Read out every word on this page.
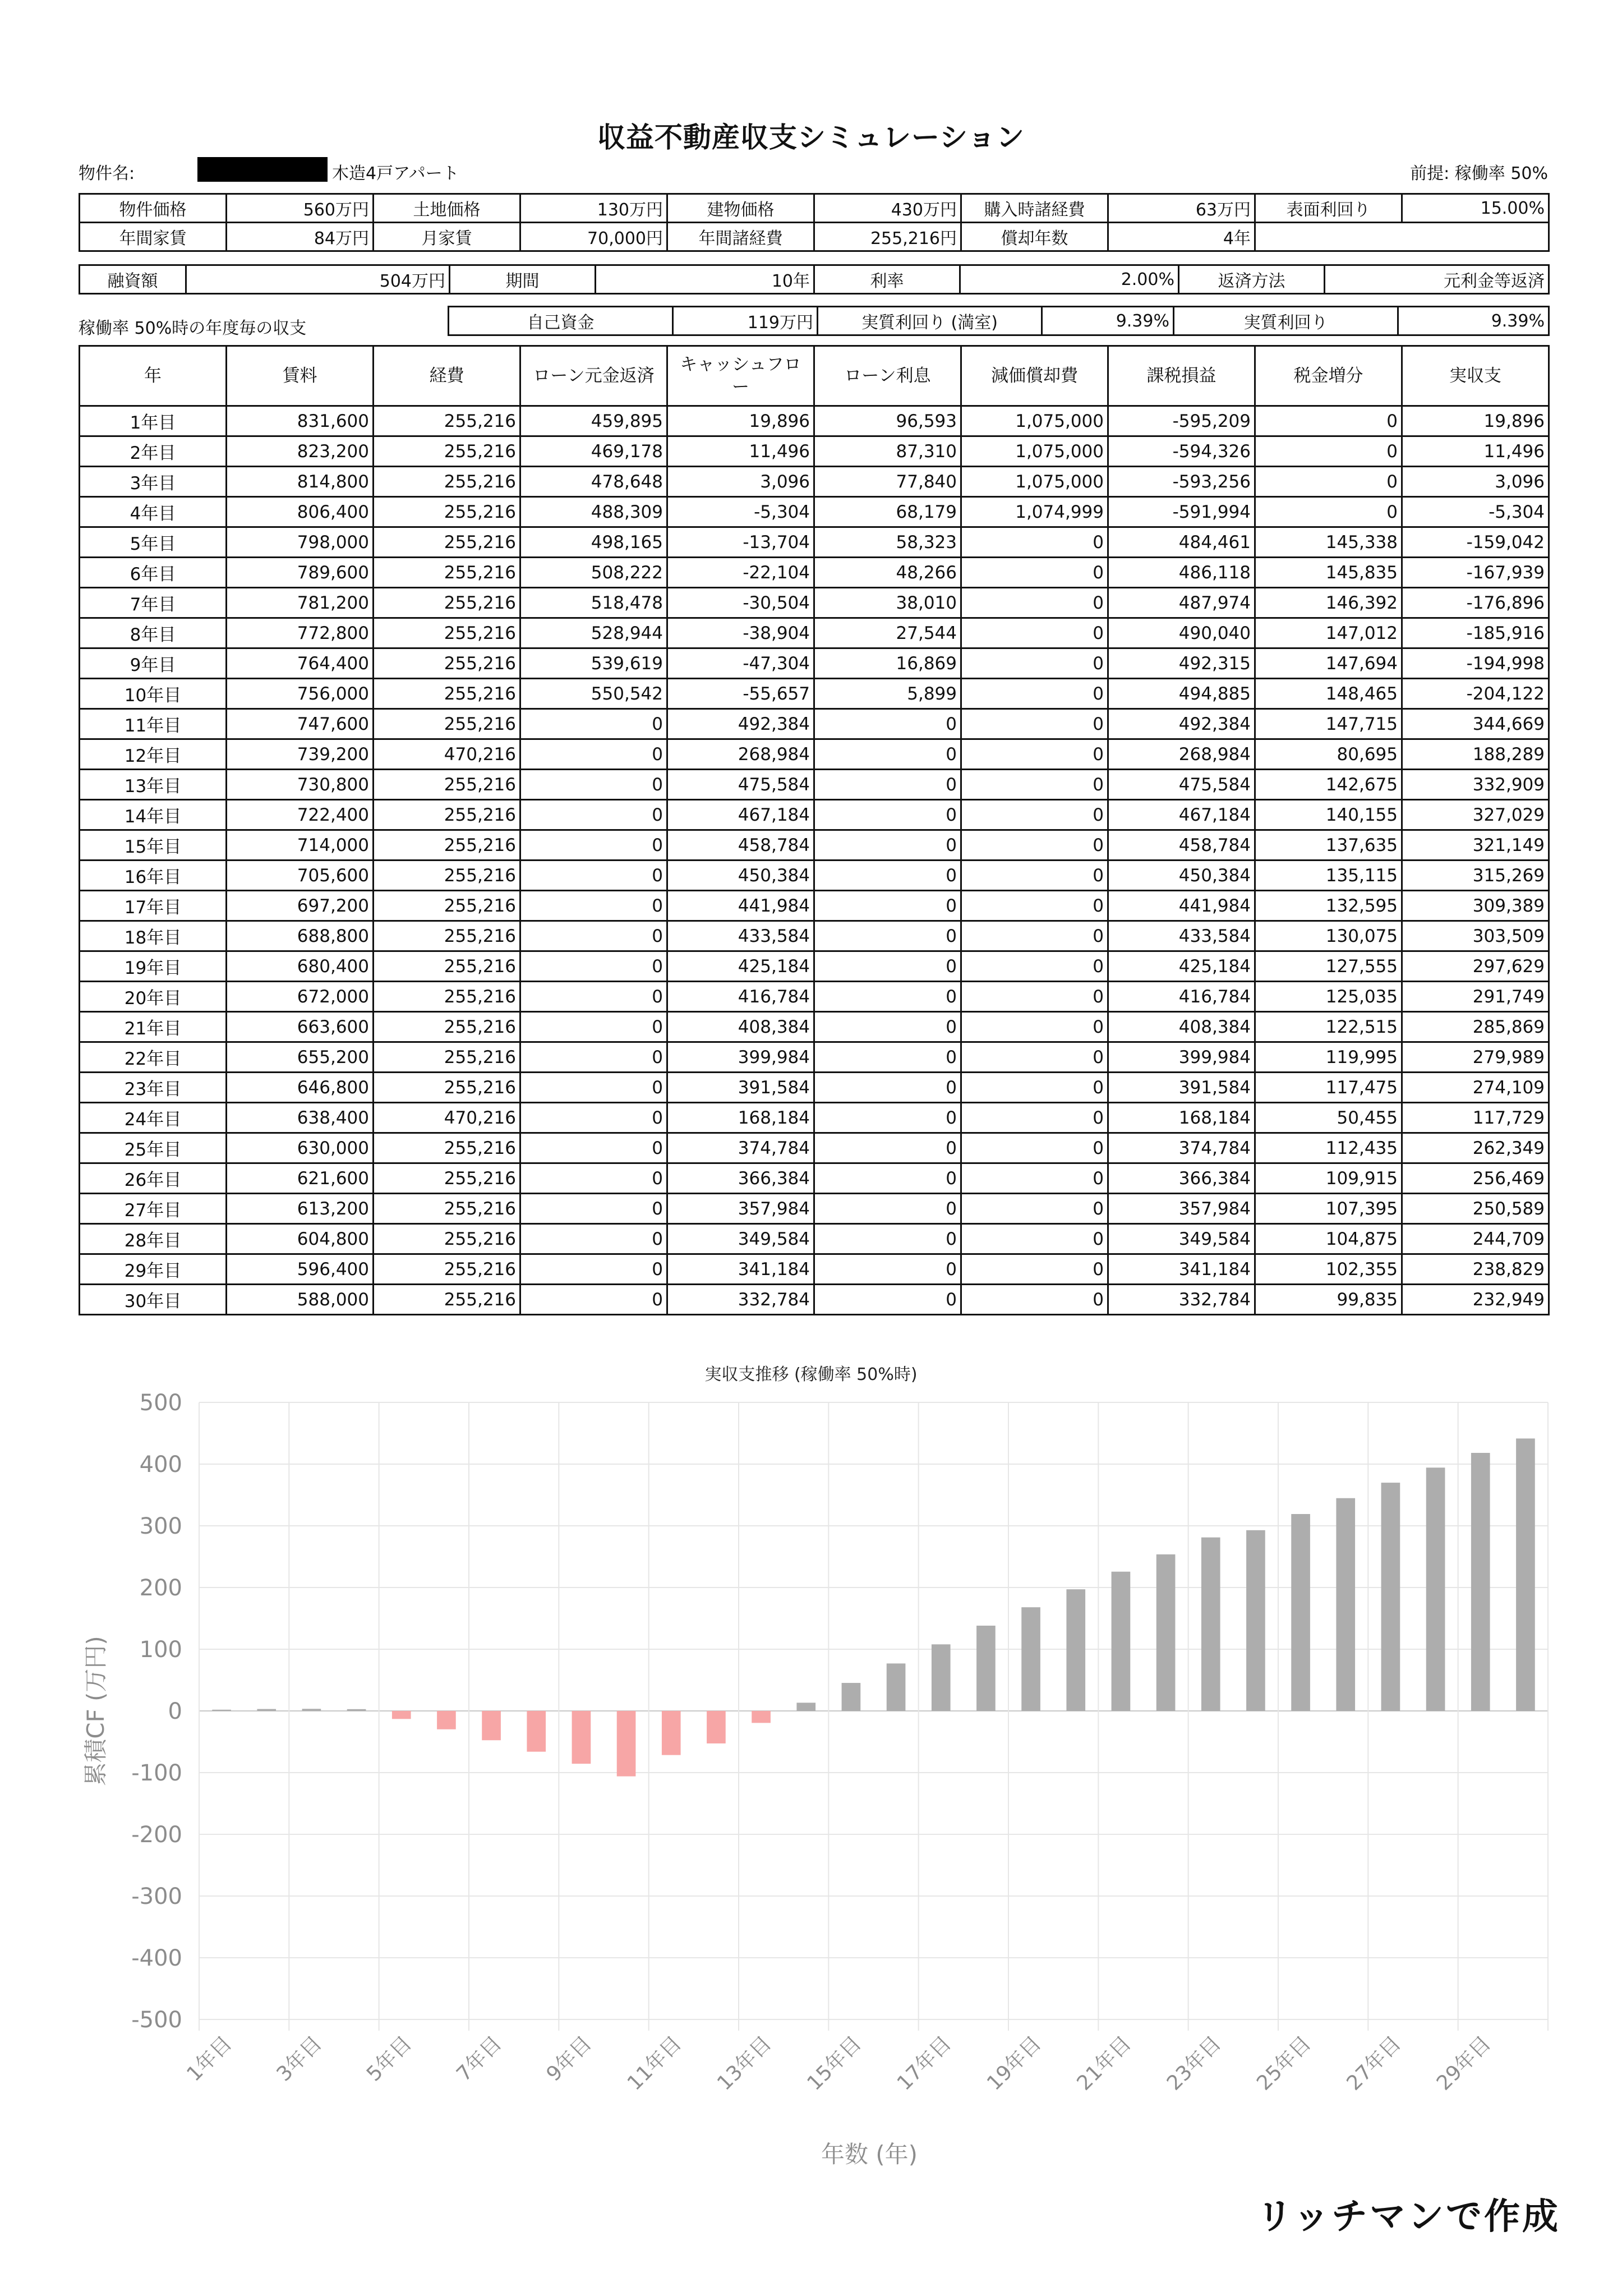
収益不動産収支シミュレーション
物件名:	木造4戸アパート	前提: 稼働率 50%
物件価格	560万円	土地価格	130万円	建物価格	430万円	購入時諸経費	63万円	表面利回り	15.00%
年間家賃	84万円	月家賃	70,000円	年間諸経費	255,216円	償却年数	4年		
融資額	504万円	期間	10年	利率	2.00%	返済方法	元利金等返済
稼働率 50%時の年度毎の収支	自己資金	119万円	実質利回り (満室)	9.39%	実質利回り	9.39%
年	賃料	経費	ローン元金返済	キャッシュフロー	ローン利息	減価償却費	課税損益	税金増分	実収支
1年目	831,600	255,216	459,895	19,896	96,593	1,075,000	-595,209	0	19,896
2年目	823,200	255,216	469,178	11,496	87,310	1,075,000	-594,326	0	11,496
3年目	814,800	255,216	478,648	3,096	77,840	1,075,000	-593,256	0	3,096
4年目	806,400	255,216	488,309	-5,304	68,179	1,074,999	-591,994	0	-5,304
5年目	798,000	255,216	498,165	-13,704	58,323	0	484,461	145,338	-159,042
6年目	789,600	255,216	508,222	-22,104	48,266	0	486,118	145,835	-167,939
7年目	781,200	255,216	518,478	-30,504	38,010	0	487,974	146,392	-176,896
8年目	772,800	255,216	528,944	-38,904	27,544	0	490,040	147,012	-185,916
9年目	764,400	255,216	539,619	-47,304	16,869	0	492,315	147,694	-194,998
10年目	756,000	255,216	550,542	-55,657	5,899	0	494,885	148,465	-204,122
11年目	747,600	255,216	0	492,384	0	0	492,384	147,715	344,669
12年目	739,200	470,216	0	268,984	0	0	268,984	80,695	188,289
13年目	730,800	255,216	0	475,584	0	0	475,584	142,675	332,909
14年目	722,400	255,216	0	467,184	0	0	467,184	140,155	327,029
15年目	714,000	255,216	0	458,784	0	0	458,784	137,635	321,149
16年目	705,600	255,216	0	450,384	0	0	450,384	135,115	315,269
17年目	697,200	255,216	0	441,984	0	0	441,984	132,595	309,389
18年目	688,800	255,216	0	433,584	0	0	433,584	130,075	303,509
19年目	680,400	255,216	0	425,184	0	0	425,184	127,555	297,629
20年目	672,000	255,216	0	416,784	0	0	416,784	125,035	291,749
21年目	663,600	255,216	0	408,384	0	0	408,384	122,515	285,869
22年目	655,200	255,216	0	399,984	0	0	399,984	119,995	279,989
23年目	646,800	255,216	0	391,584	0	0	391,584	117,475	274,109
24年目	638,400	470,216	0	168,184	0	0	168,184	50,455	117,729
25年目	630,000	255,216	0	374,784	0	0	374,784	112,435	262,349
26年目	621,600	255,216	0	366,384	0	0	366,384	109,915	256,469
27年目	613,200	255,216	0	357,984	0	0	357,984	107,395	250,589
28年目	604,800	255,216	0	349,584	0	0	349,584	104,875	244,709
29年目	596,400	255,216	0	341,184	0	0	341,184	102,355	238,829
30年目	588,000	255,216	0	332,784	0	0	332,784	99,835	232,949
実収支推移 (稼働率 50%時)
500
400
300
200
100
0
-100
-200
-300
-400
-500
1年目 3年目 5年目 7年目 9年目 11年目 13年目 15年目 17年目 19年目 21年目 23年目 25年目 27年目 29年目
年数 (年)
累積CF (万円)
リッチマンで作成
